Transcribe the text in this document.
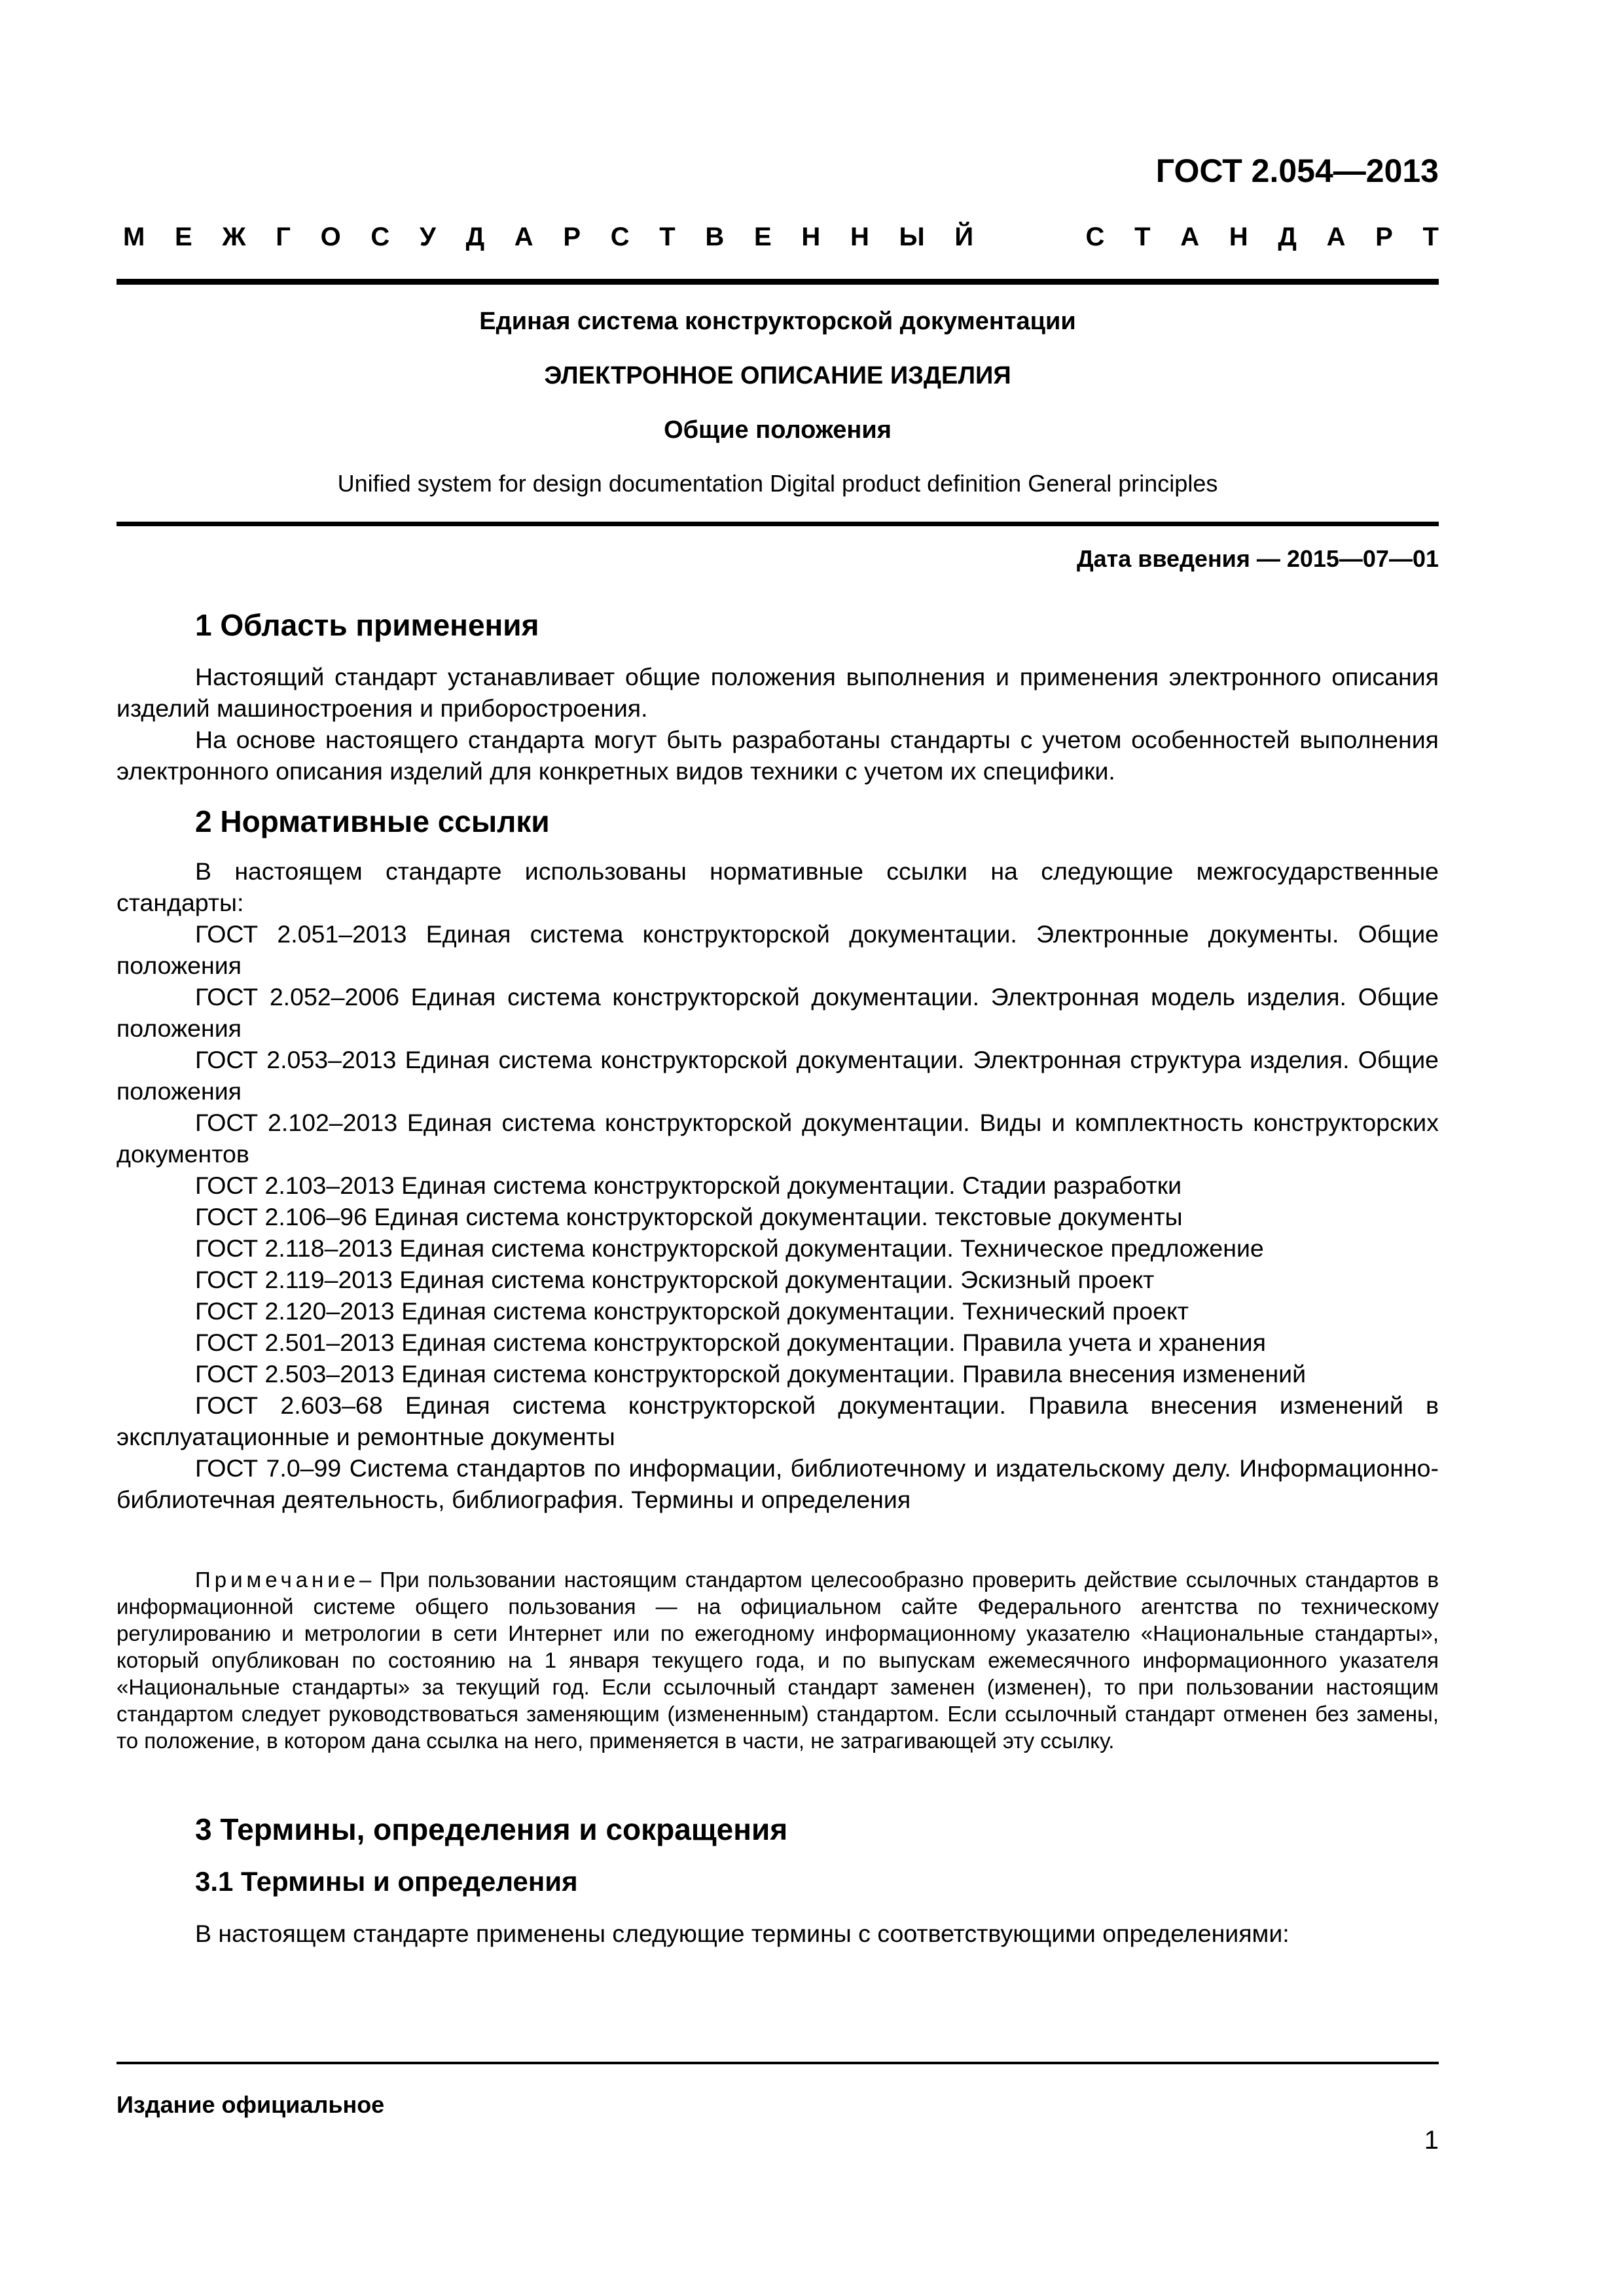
ГОСТ 2.054—2013
М Е Ж Г О С У Д А Р С Т В Е Н Н Ы Й	С Т А Н Д А Р Т
Единая система конструкторской документации
ЭЛЕКТРОННОЕ ОПИСАНИЕ ИЗДЕЛИЯ
Общие положения
Unified system for design documentation Digital product definition General principles
Дата введения — 2015—07—01
1 Область применения

Настоящий стандарт устанавливает общие положения выполнения и применения электронного описания изделий машиностроения и приборостроения.

На основе настоящего стандарта могут быть разработаны стандарты с учетом особенностей выполнения электронного описания изделий для конкретных видов техники с учетом их специфики.

2 Нормативные ссылки

В настоящем стандарте использованы нормативные ссылки на следующие межгосударственные стандарты:

ГОСТ 2.051–2013 Единая система конструкторской документации. Электронные документы. Общие положения

ГОСТ 2.052–2006 Единая система конструкторской документации. Электронная модель изделия. Общие положения

ГОСТ 2.053–2013 Единая система конструкторской документации. Электронная структура изделия. Общие положения

ГОСТ 2.102–2013 Единая система конструкторской документации. Виды и комплектность конструкторских документов

ГОСТ 2.103–2013 Единая система конструкторской документации. Стадии разработки

ГОСТ 2.106–96 Единая система конструкторской документации. текстовые документы

ГОСТ 2.118–2013 Единая система конструкторской документации. Техническое предложение

ГОСТ 2.119–2013 Единая система конструкторской документации. Эскизный проект

ГОСТ 2.120–2013 Единая система конструкторской документации. Технический проект

ГОСТ 2.501–2013 Единая система конструкторской документации. Правила учета и хранения

ГОСТ 2.503–2013 Единая система конструкторской документации. Правила внесения изменений

ГОСТ 2.603–68 Единая система конструкторской документации. Правила внесения изменений в эксплуатационные и ремонтные документы

ГОСТ 7.0–99 Система стандартов по информации, библиотечному и издательскому делу. Информационно-библиотечная деятельность, библиография. Термины и определения

Примечание– При пользовании настоящим стандартом целесообразно проверить действие ссылочных стандартов в информационной системе общего пользования — на официальном сайте Федерального агентства по техническому регулированию и метрологии в сети Интернет или по ежегодному информационному указателю «Национальные стандарты», который опубликован по состоянию на 1 января текущего года, и по выпускам ежемесячного информационного указателя «Национальные стандарты» за текущий год. Если ссылочный стандарт заменен (изменен), то при пользовании настоящим стандартом следует руководствоваться заменяющим (измененным) стандартом. Если ссылочный стандарт отменен без замены, то положение, в котором дана ссылка на него, применяется в части, не затрагивающей эту ссылку.

3 Термины, определения и сокращения
3.1 Термины и определения

В настоящем стандарте применены следующие термины с соответствующими определениями:

Издание официальное
1
